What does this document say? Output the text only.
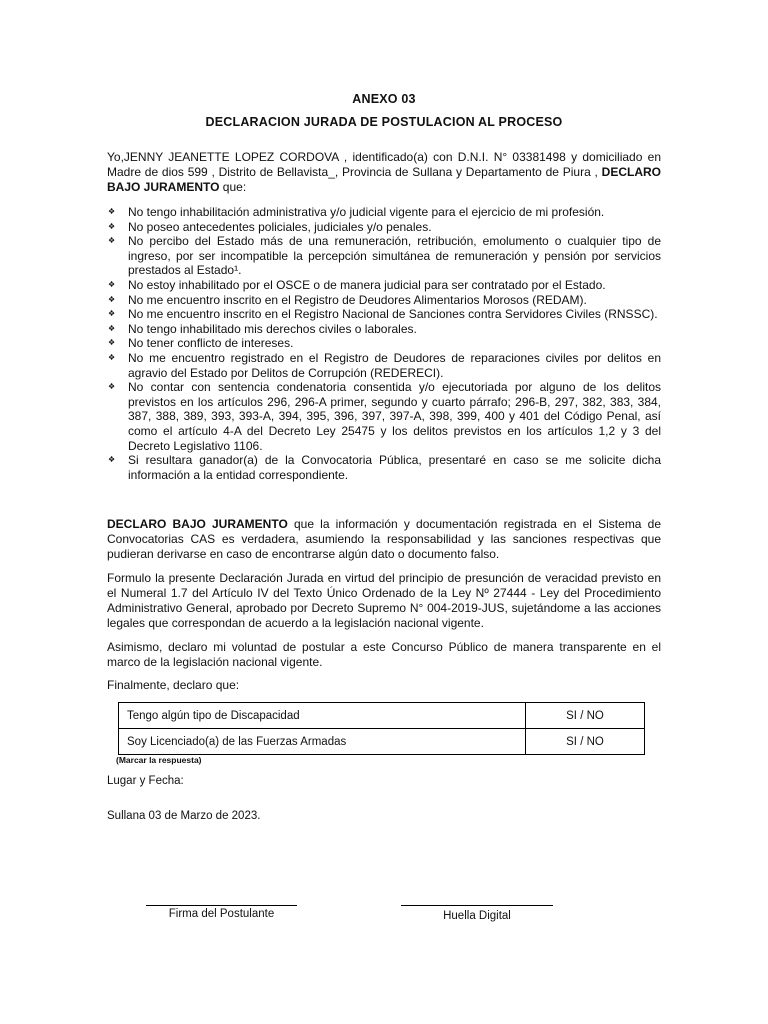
ANEXO 03
DECLARACION JURADA DE POSTULACION AL PROCESO
Yo,JENNY JEANETTE LOPEZ CORDOVA , identificado(a) con D.N.I. N° 03381498 y domiciliado en Madre de dios 599 , Distrito de Bellavista_, Provincia de Sullana y Departamento de Piura , DECLARO BAJO JURAMENTO que:
❖ No tengo inhabilitación administrativa y/o judicial vigente para el ejercicio de mi profesión.
❖ No poseo antecedentes policiales, judiciales y/o penales.
❖ No percibo del Estado más de una remuneración, retribución, emolumento o cualquier tipo de ingreso, por ser incompatible la percepción simultánea de remuneración y pensión por servicios prestados al Estado¹.
❖ No estoy inhabilitado por el OSCE o de manera judicial para ser contratado por el Estado.
❖ No me encuentro inscrito en el Registro de Deudores Alimentarios Morosos (REDAM).
❖ No me encuentro inscrito en el Registro Nacional de Sanciones contra Servidores Civiles (RNSSC).
❖ No tengo inhabilitado mis derechos civiles o laborales.
❖ No tener conflicto de intereses.
❖ No me encuentro registrado en el Registro de Deudores de reparaciones civiles por delitos en agravio del Estado por Delitos de Corrupción (REDERECI).
❖ No contar con sentencia condenatoria consentida y/o ejecutoriada por alguno de los delitos previstos en los artículos 296, 296-A primer, segundo y cuarto párrafo; 296-B, 297, 382, 383, 384, 387, 388, 389, 393, 393-A, 394, 395, 396, 397, 397-A, 398, 399, 400 y 401 del Código Penal, así como el artículo 4-A del Decreto Ley 25475 y los delitos previstos en los artículos 1,2 y 3 del Decreto Legislativo 1106.
❖ Si resultara ganador(a) de la Convocatoria Pública, presentaré en caso se me solicite dicha información a la entidad correspondiente.
DECLARO BAJO JURAMENTO que la información y documentación registrada en el Sistema de Convocatorias CAS es verdadera, asumiendo la responsabilidad y las sanciones respectivas que pudieran derivarse en caso de encontrarse algún dato o documento falso.
Formulo la presente Declaración Jurada en virtud del principio de presunción de veracidad previsto en el Numeral 1.7 del Artículo IV del Texto Único Ordenado de la Ley Nº 27444 - Ley del Procedimiento Administrativo General, aprobado por Decreto Supremo N° 004-2019-JUS, sujetándome a las acciones legales que correspondan de acuerdo a la legislación nacional vigente.
Asimismo, declaro mi voluntad de postular a este Concurso Público de manera transparente en el marco de la legislación nacional vigente.
Finalmente, declaro que:
Tengo algún tipo de Discapacidad	SI / NO
Soy Licenciado(a) de las Fuerzas Armadas	SI / NO
(Marcar la respuesta)
Lugar y Fecha:
Sullana 03 de Marzo de 2023.
Firma del Postulante	Huella Digital
